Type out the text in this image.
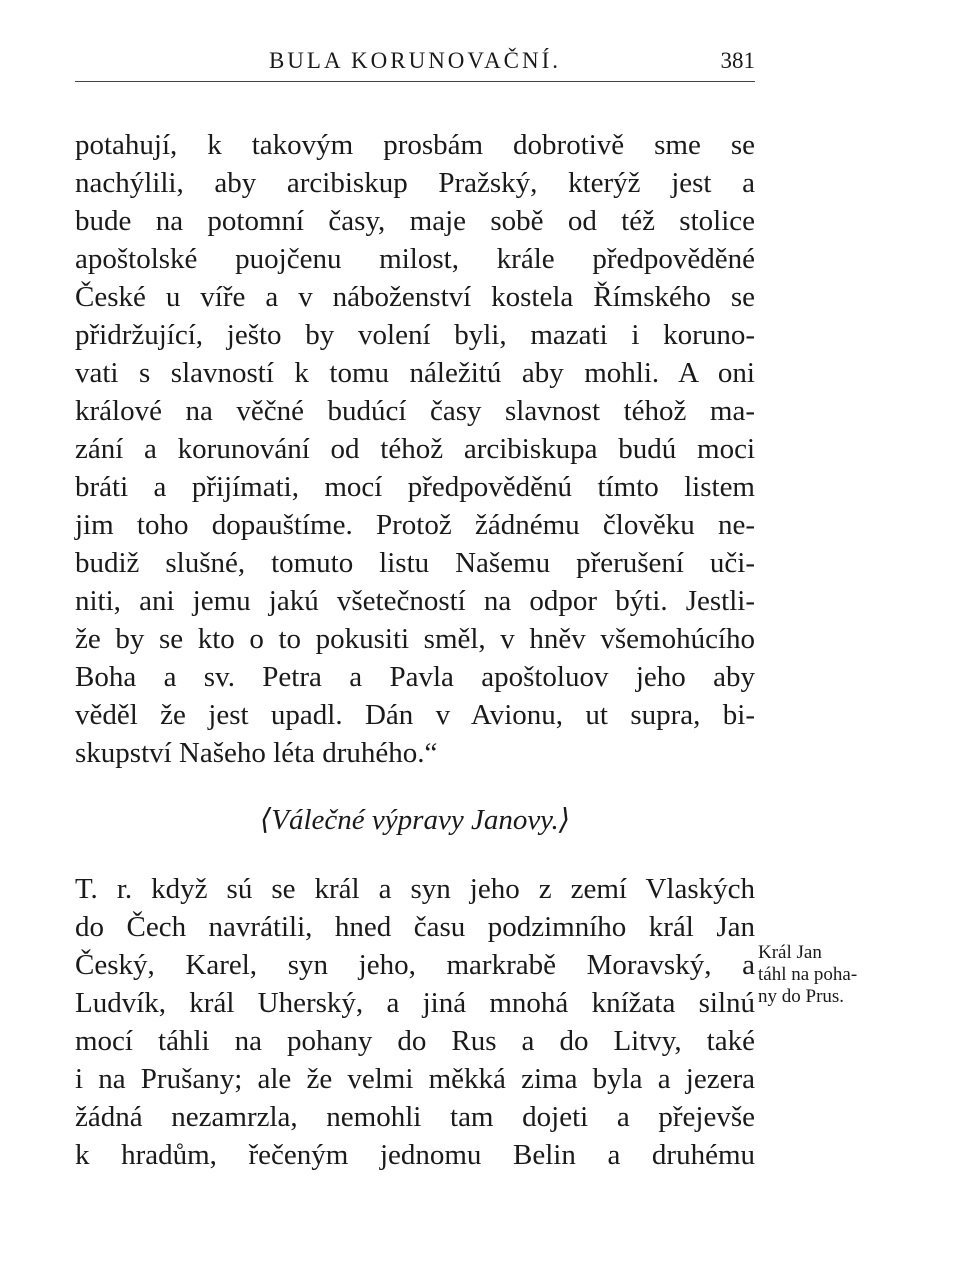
BULA KORUNOVAČNÍ.	381
potahují, k takovým prosbám dobrotivě sme se
nachýlili, aby arcibiskup Pražský, kterýž jest a
bude na potomní časy, maje sobě od též stolice
apoštolské puojčenu milost, krále předpověděné
České u víře a v náboženství kostela Římského se
přidržující, ješto by volení byli, mazati i koruno-
vati s slavností k tomu náležitú aby mohli. A oni
králové na věčné budúcí časy slavnost téhož ma-
zání a korunování od téhož arcibiskupa budú moci
bráti a přijímati, mocí předpověděnú tímto listem
jim toho dopauštíme. Protož žádnému člověku ne-
budiž slušné, tomuto listu Našemu přerušení uči-
niti, ani jemu jakú všetečností na odpor býti. Jestli-
že by se kto o to pokusiti směl, v hněv všemohúcího
Boha a sv. Petra a Pavla apoštoluov jeho aby
věděl že jest upadl. Dán v Avionu, ut supra, bi-
skupství Našeho léta druhého.“
⟨Válečné výpravy Janovy.⟩
T. r. když sú se král a syn jeho z zemí Vlaských
do Čech navrátili, hned času podzimního král Jan
Český, Karel, syn jeho, markrabě Moravský, a
Ludvík, král Uherský, a jiná mnohá knížata silnú
mocí táhli na pohany do Rus a do Litvy, také
i na Prušany; ale že velmi měkká zima byla a jezera
žádná nezamrzla, nemohli tam dojeti a přejevše
k hradům, řečeným jednomu Belin a druhému
Král Jan
táhl na poha-
ny do Prus.
